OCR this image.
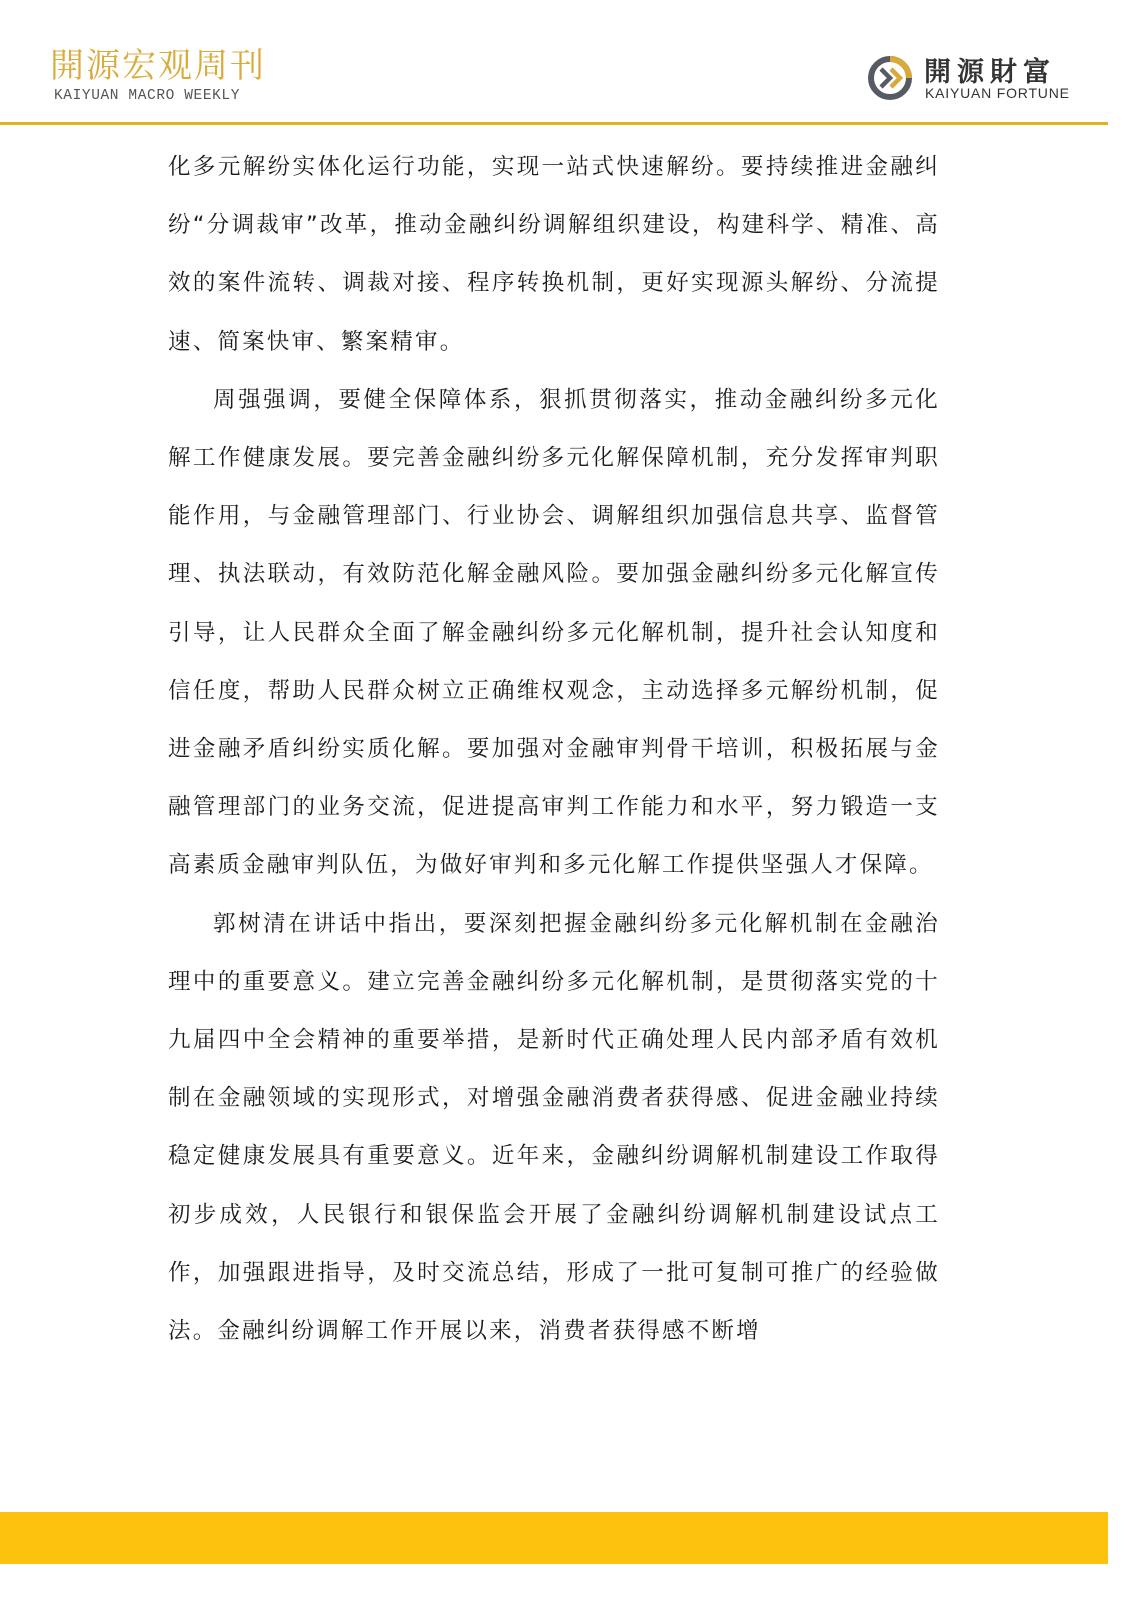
開源宏观周刊
KAIYUAN MACRO WEEKLY
開源財富
KAIYUAN FORTUNE

化多元解纷实体化运行功能，实现一站式快速解纷。要持续推进金融纠纷“分调裁审”改革，推动金融纠纷调解组织建设，构建科学、精准、高效的案件流转、调裁对接、程序转换机制，更好实现源头解纷、分流提速、简案快审、繁案精审。

周强强调，要健全保障体系，狠抓贯彻落实，推动金融纠纷多元化解工作健康发展。要完善金融纠纷多元化解保障机制，充分发挥审判职能作用，与金融管理部门、行业协会、调解组织加强信息共享、监督管理、执法联动，有效防范化解金融风险。要加强金融纠纷多元化解宣传引导，让人民群众全面了解金融纠纷多元化解机制，提升社会认知度和信任度，帮助人民群众树立正确维权观念，主动选择多元解纷机制，促进金融矛盾纠纷实质化解。要加强对金融审判骨干培训，积极拓展与金融管理部门的业务交流，促进提高审判工作能力和水平，努力锻造一支高素质金融审判队伍，为做好审判和多元化解工作提供坚强人才保障。

郭树清在讲话中指出，要深刻把握金融纠纷多元化解机制在金融治理中的重要意义。建立完善金融纠纷多元化解机制，是贯彻落实党的十九届四中全会精神的重要举措，是新时代正确处理人民内部矛盾有效机制在金融领域的实现形式，对增强金融消费者获得感、促进金融业持续稳定健康发展具有重要意义。近年来，金融纠纷调解机制建设工作取得初步成效，人民银行和银保监会开展了金融纠纷调解机制建设试点工作，加强跟进指导，及时交流总结，形成了一批可复制可推广的经验做法。金融纠纷调解工作开展以来，消费者获得感不断增
